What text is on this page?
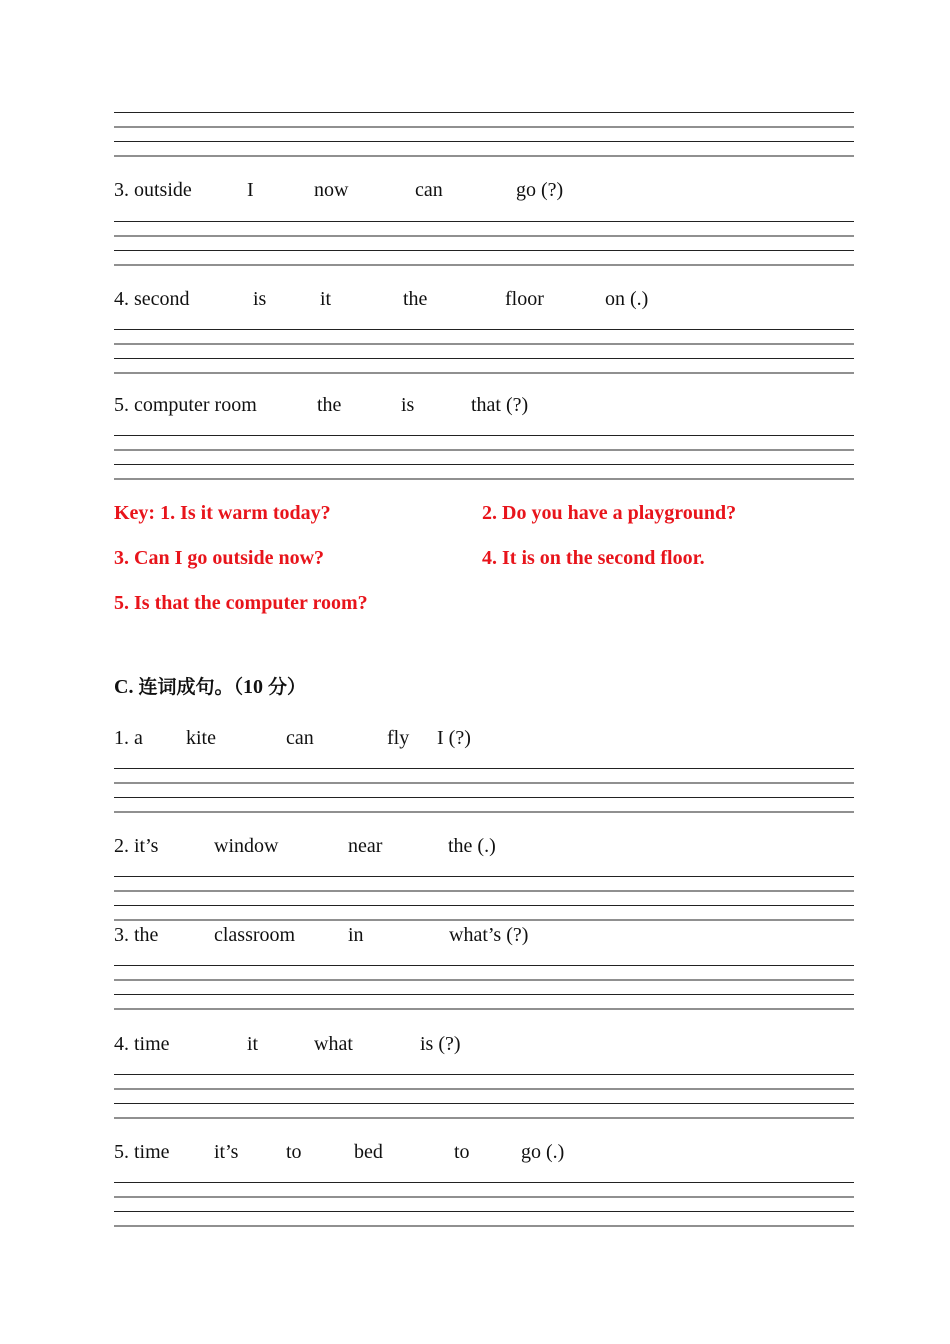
3. outside	I	now	can	go (?)
4. second	is	it	the	floor	on (.)
5. computer room	the	is	that (?)
Key: 1. Is it warm today?	2. Do you have a playground?
3. Can I go outside now?	4. It is on the second floor.
5. Is that the computer room?
C. 连词成句。（10 分）
1. a kite	can	fly I (?)
2. it’s	window	near	the (.)
3. the	classroom	in	what’s (?)
4. time	it	what	is (?)
5. time it’s to	bed	to	go (.)
